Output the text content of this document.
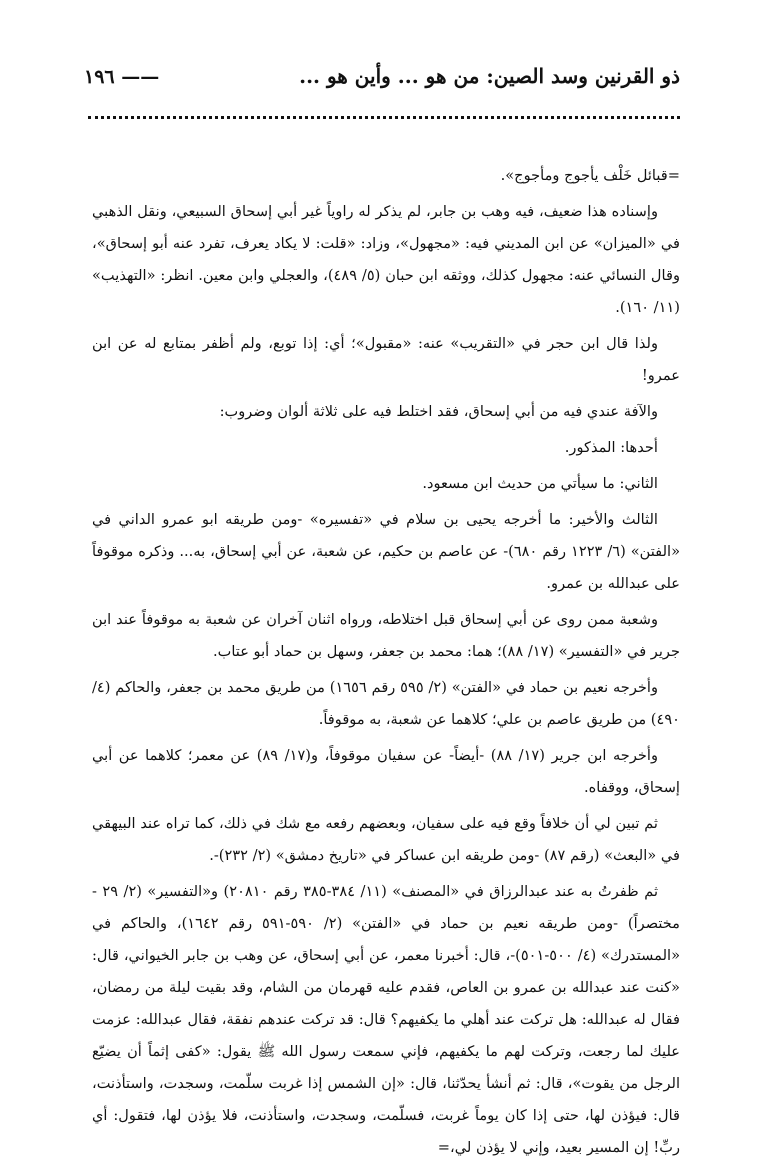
ذو القرنين وسد الصين: من هو ... وأين هو ...
١٩٦ ——

=قبائل خَلْف يأجوج ومأجوج».

وإسناده هذا ضعيف، فيه وهب بن جابر، لم يذكر له راوياً غير أبي إسحاق السبيعي، ونقل الذهبي في «الميزان» عن ابن المديني فيه: «مجهول»، وزاد: «قلت: لا يكاد يعرف، تفرد عنه أبو إسحاق»، وقال النسائي عنه: مجهول كذلك، ووثقه ابن حبان (٥/ ٤٨٩)، والعجلي وابن معين. انظر: «التهذيب» (١١/ ١٦٠).

ولذا قال ابن حجر في «التقريب» عنه: «مقبول»؛ أي: إذا توبع، ولم أظفر بمتابع له عن ابن عمرو!

والآفة عندي فيه من أبي إسحاق، فقد اختلط فيه على ثلاثة ألوان وضروب:

أحدها: المذكور.

الثاني: ما سيأتي من حديث ابن مسعود.

الثالث والأخير: ما أخرجه يحيى بن سلام في «تفسيره» -ومن طريقه ابو عمرو الداني في «الفتن» (٦/ ١٢٢٣ رقم ٦٨٠)- عن عاصم بن حكيم، عن شعبة، عن أبي إسحاق، به... وذكره موقوفاً على عبدالله بن عمرو.

وشعبة ممن روى عن أبي إسحاق قبل اختلاطه، ورواه اثنان آخران عن شعبة به موقوفاً عند ابن جرير في «التفسير» (١٧/ ٨٨)؛ هما: محمد بن جعفر، وسهل بن حماد أبو عتاب.

وأخرجه نعيم بن حماد في «الفتن» (٢/ ٥٩٥ رقم ١٦٥٦) من طريق محمد بن جعفر، والحاكم (٤/ ٤٩٠) من طريق عاصم بن علي؛ كلاهما عن شعبة، به موقوفاً.

وأخرجه ابن جرير (١٧/ ٨٨) -أيضاً- عن سفيان موقوفاً، و(١٧/ ٨٩) عن معمر؛ كلاهما عن أبي إسحاق، ووقفاه.

ثم تبين لي أن خلافاً وقع فيه على سفيان، وبعضهم رفعه مع شك في ذلك، كما تراه عند البيهقي في «البعث» (رقم ٨٧) -ومن طريقه ابن عساكر في «تاريخ دمشق» (٢/ ٢٣٢)-.

ثم ظفرتُ به عند عبدالرزاق في «المصنف» (١١/ ٣٨٤-٣٨٥ رقم ٢٠٨١٠) و«التفسير» (٢/ ٢٩ - مختصراً) -ومن طريقه نعيم بن حماد في «الفتن» (٢/ ٥٩٠-٥٩١ رقم ١٦٤٢)، والحاكم في «المستدرك» (٤/ ٥٠٠-٥٠١)-، قال: أخبرنا معمر، عن أبي إسحاق، عن وهب بن جابر الخيواني، قال: «كنت عند عبدالله بن عمرو بن العاص، فقدم عليه قهرمان من الشام، وقد بقيت ليلة من رمضان، فقال له عبدالله: هل تركت عند أهلي ما يكفيهم؟ قال: قد تركت عندهم نفقة، فقال عبدالله: عزمت عليك لما رجعت، وتركت لهم ما يكفيهم، فإني سمعت رسول الله ﷺ يقول: «كفى إثماً أن يضيّع الرجل من يقوت»، قال: ثم أنشأ يحدّثنا، قال: «إن الشمس إذا غربت سلّمت، وسجدت، واستأذنت، قال: فيؤذن لها، حتى إذا كان يوماً غربت، فسلّمت، وسجدت، واستأذنت، فلا يؤذن لها، فتقول: أي ربِّ! إن المسير بعيد، وإني لا يؤذن لي،=
